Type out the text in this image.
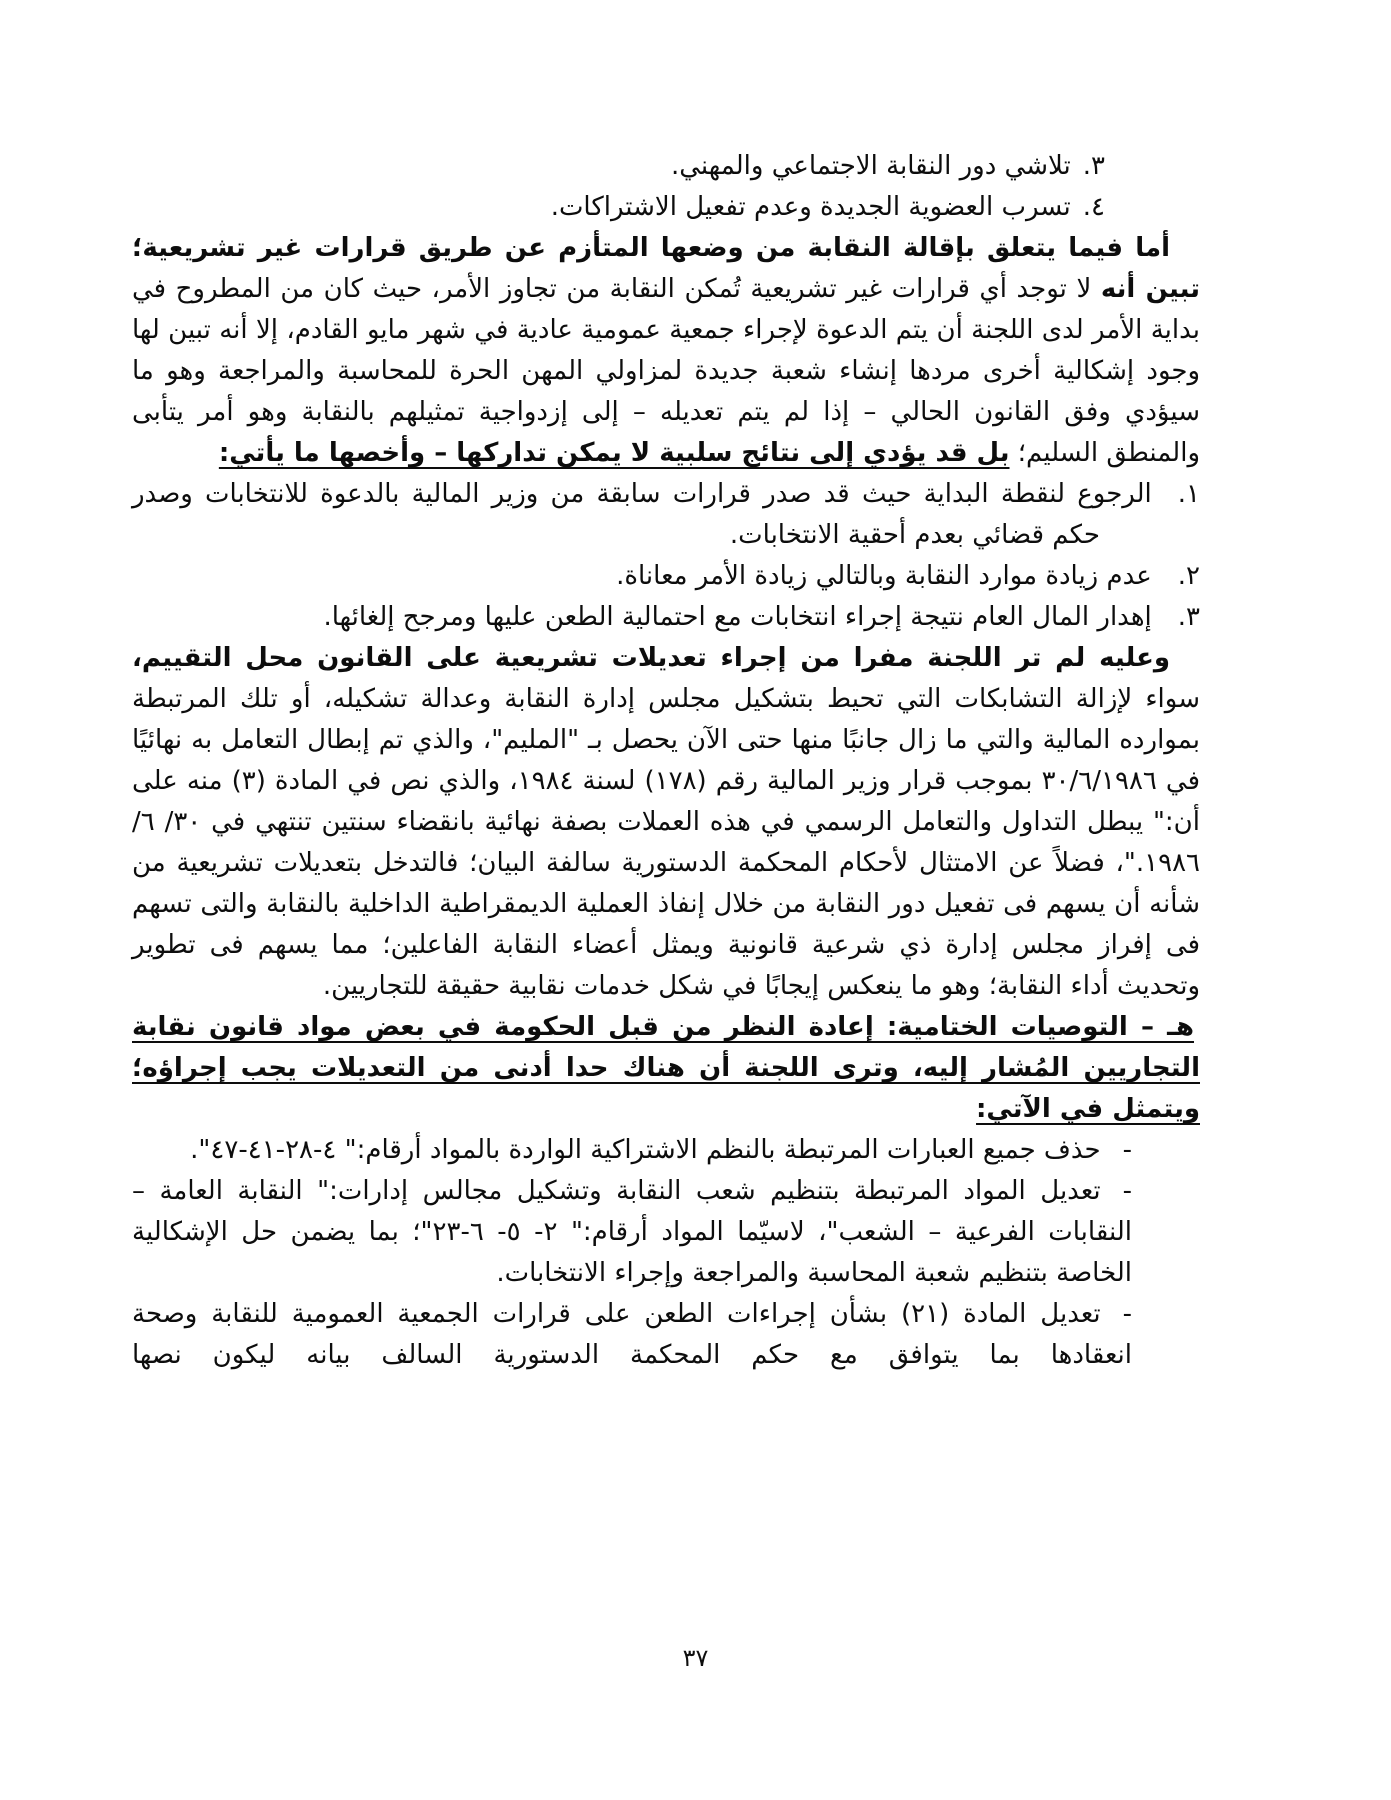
٣.تلاشي دور النقابة الاجتماعي والمهني.
٤.تسرب العضوية الجديدة وعدم تفعيل الاشتراكات.

أما فيما يتعلق بإقالة النقابة من وضعها المتأزم عن طريق قرارات غير تشريعية؛ تبين أنه لا توجد أي قرارات غير تشريعية تُمكن النقابة من تجاوز الأمر، حيث كان من المطروح في بداية الأمر لدى اللجنة أن يتم الدعوة لإجراء جمعية عمومية عادية في شهر مايو القادم، إلا أنه تبين لها وجود إشكالية أخرى مردها إنشاء شعبة جديدة لمزاولي المهن الحرة للمحاسبة والمراجعة وهو ما سيؤدي وفق القانون الحالي – إذا لم يتم تعديله – إلى إزدواجية تمثيلهم بالنقابة وهو أمر يتأبى والمنطق السليم؛ بل قد يؤدي إلى نتائج سلبية لا يمكن تداركها – وأخصها ما يأتي:

١.الرجوع لنقطة البداية حيث قد صدر قرارات سابقة من وزير المالية بالدعوة للانتخابات وصدر حكم قضائي بعدم أحقية الانتخابات.
٢.عدم زيادة موارد النقابة وبالتالي زيادة الأمر معاناة.
٣.إهدار المال العام نتيجة إجراء انتخابات مع احتمالية الطعن عليها ومرجح إلغائها.

وعليه لم تر اللجنة مفرا من إجراء تعديلات تشريعية على القانون محل التقييم، سواء لإزالة التشابكات التي تحيط بتشكيل مجلس إدارة النقابة وعدالة تشكيله، أو تلك المرتبطة بموارده المالية والتي ما زال جانبًا منها حتى الآن يحصل بـ "المليم"، والذي تم إبطال التعامل به نهائيًا في ٣٠/٦/١٩٨٦ بموجب قرار وزير المالية رقم (١٧٨) لسنة ١٩٨٤، والذي نص في المادة (٣) منه على أن:" يبطل التداول والتعامل الرسمي في هذه العملات بصفة نهائية بانقضاء سنتين تنتهي في ٣٠/ ٦/ ١٩٨٦."، فضلاً عن الامتثال لأحكام المحكمة الدستورية سالفة البيان؛ فالتدخل بتعديلات تشريعية من شأنه أن يسهم فى تفعيل دور النقابة من خلال إنفاذ العملية الديمقراطية الداخلية بالنقابة والتى تسهم فى إفراز مجلس إدارة ذي شرعية قانونية ويمثل أعضاء النقابة الفاعلين؛ مما يسهم فى تطوير وتحديث أداء النقابة؛ وهو ما ينعكس إيجابًا في شكل خدمات نقابية حقيقة للتجاريين.

هـ – التوصيات الختامية: إعادة النظر من قبل الحكومة في بعض مواد قانون نقابة التجاريين المُشار إليه، وترى اللجنة أن هناك حدا أدنى من التعديلات يجب إجراؤه؛ ويتمثل في الآتي:
-حذف جميع العبارات المرتبطة بالنظم الاشتراكية الواردة بالمواد أرقام:" ٤-٢٨-٤١-٤٧".
-تعديل المواد المرتبطة بتنظيم شعب النقابة وتشكيل مجالس إدارات:" النقابة العامة – النقابات الفرعية – الشعب"، لاسيّما المواد أرقام:" ٢- ٥- ٦-٢٣"؛ بما يضمن حل الإشكالية الخاصة بتنظيم شعبة المحاسبة والمراجعة وإجراء الانتخابات.
-تعديل المادة (٢١) بشأن إجراءات الطعن على قرارات الجمعية العمومية للنقابة وصحة انعقادها بما يتوافق مع حكم المحكمة الدستورية السالف بيانه ليكون نصها
٣٧
